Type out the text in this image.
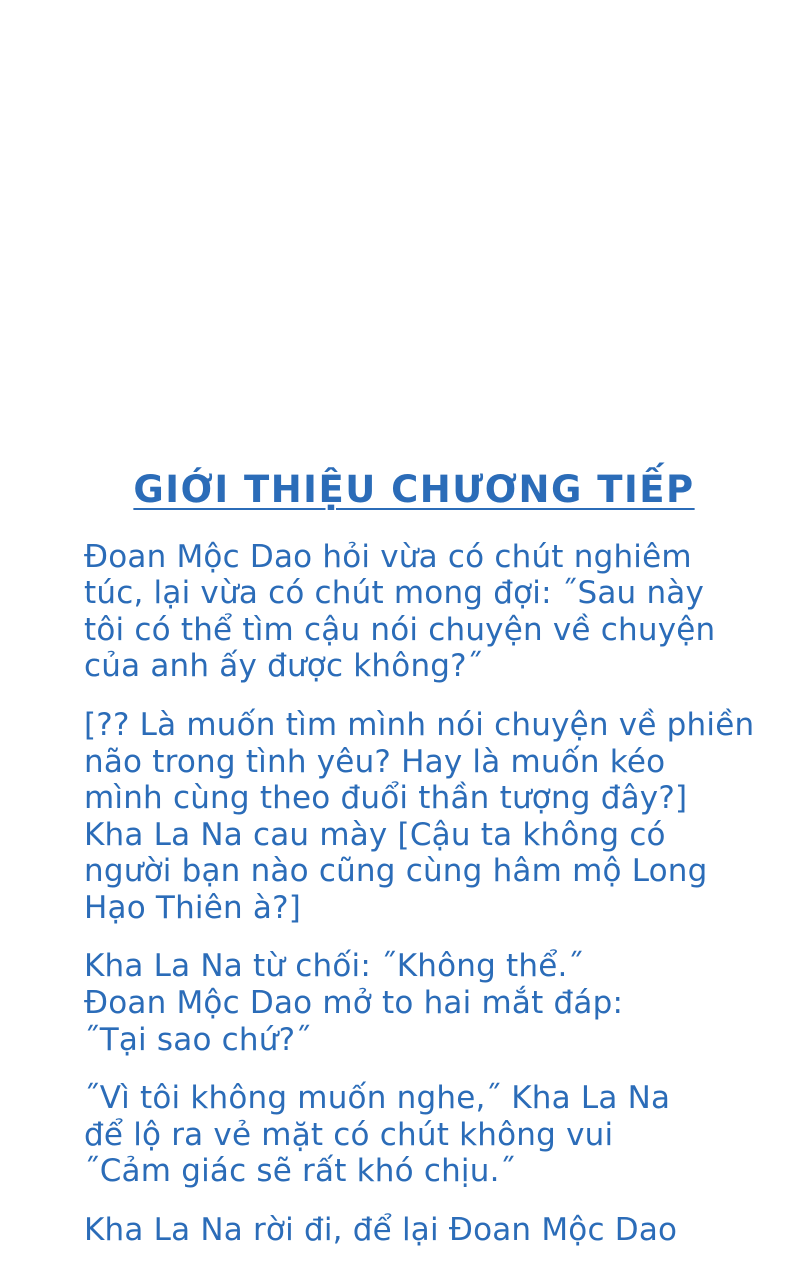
GIỚI THIỆU CHƯƠNG TIẾP

Đoan Mộc Dao hỏi vừa có chút nghiêm
túc, lại vừa có chút mong đợi: ˝Sau này
tôi có thể tìm cậu nói chuyện về chuyện
của anh ấy được không?˝

[?? Là muốn tìm mình nói chuyện về phiền
não trong tình yêu? Hay là muốn kéo
mình cùng theo đuổi thần tượng đây?]
Kha La Na cau mày [Cậu ta không có
người bạn nào cũng cùng hâm mộ Long
Hạo Thiên à?]

Kha La Na từ chối: ˝Không thể.˝
Đoan Mộc Dao mở to hai mắt đáp:
˝Tại sao chứ?˝

˝Vì tôi không muốn nghe,˝ Kha La Na
để lộ ra vẻ mặt có chút không vui
˝Cảm giác sẽ rất khó chịu.˝

Kha La Na rời đi, để lại Đoan Mộc Dao
